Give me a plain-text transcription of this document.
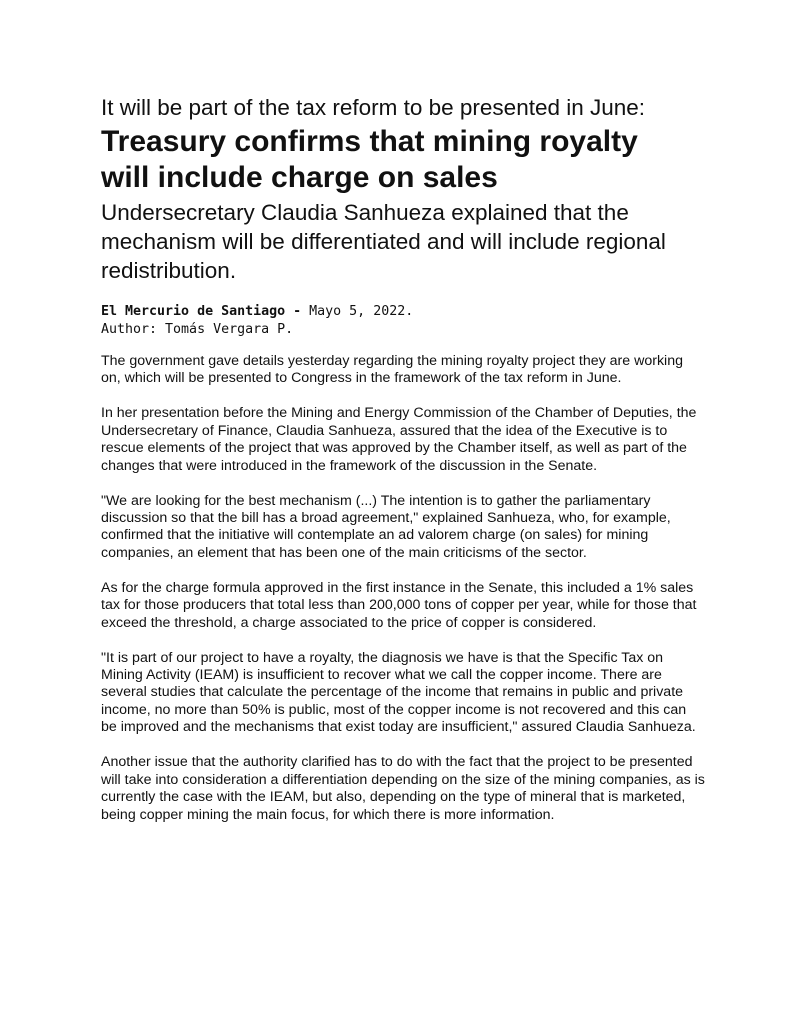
It will be part of the tax reform to be presented in June:
Treasury confirms that mining royalty
will include charge on sales
Undersecretary Claudia Sanhueza explained that the mechanism will be differentiated and will include regional redistribution.
El Mercurio de Santiago - Mayo 5, 2022.
Author: Tomás Vergara P.

The government gave details yesterday regarding the mining royalty project they are working on, which will be presented to Congress in the framework of the tax reform in June.

In her presentation before the Mining and Energy Commission of the Chamber of Deputies, the Undersecretary of Finance, Claudia Sanhueza, assured that the idea of the Executive is to rescue elements of the project that was approved by the Chamber itself, as well as part of the changes that were introduced in the framework of the discussion in the Senate.

"We are looking for the best mechanism (...) The intention is to gather the parliamentary discussion so that the bill has a broad agreement," explained Sanhueza, who, for example, confirmed that the initiative will contemplate an ad valorem charge (on sales) for mining companies, an element that has been one of the main criticisms of the sector.

As for the charge formula approved in the first instance in the Senate, this included a 1% sales tax for those producers that total less than 200,000 tons of copper per year, while for those that exceed the threshold, a charge associated to the price of copper is considered.

"It is part of our project to have a royalty, the diagnosis we have is that the Specific Tax on Mining Activity (IEAM) is insufficient to recover what we call the copper income. There are several studies that calculate the percentage of the income that remains in public and private income, no more than 50% is public, most of the copper income is not recovered and this can be improved and the mechanisms that exist today are insufficient," assured Claudia Sanhueza.

Another issue that the authority clarified has to do with the fact that the project to be presented will take into consideration a differentiation depending on the size of the mining companies, as is currently the case with the IEAM, but also, depending on the type of mineral that is marketed, being copper mining the main focus, for which there is more information.
